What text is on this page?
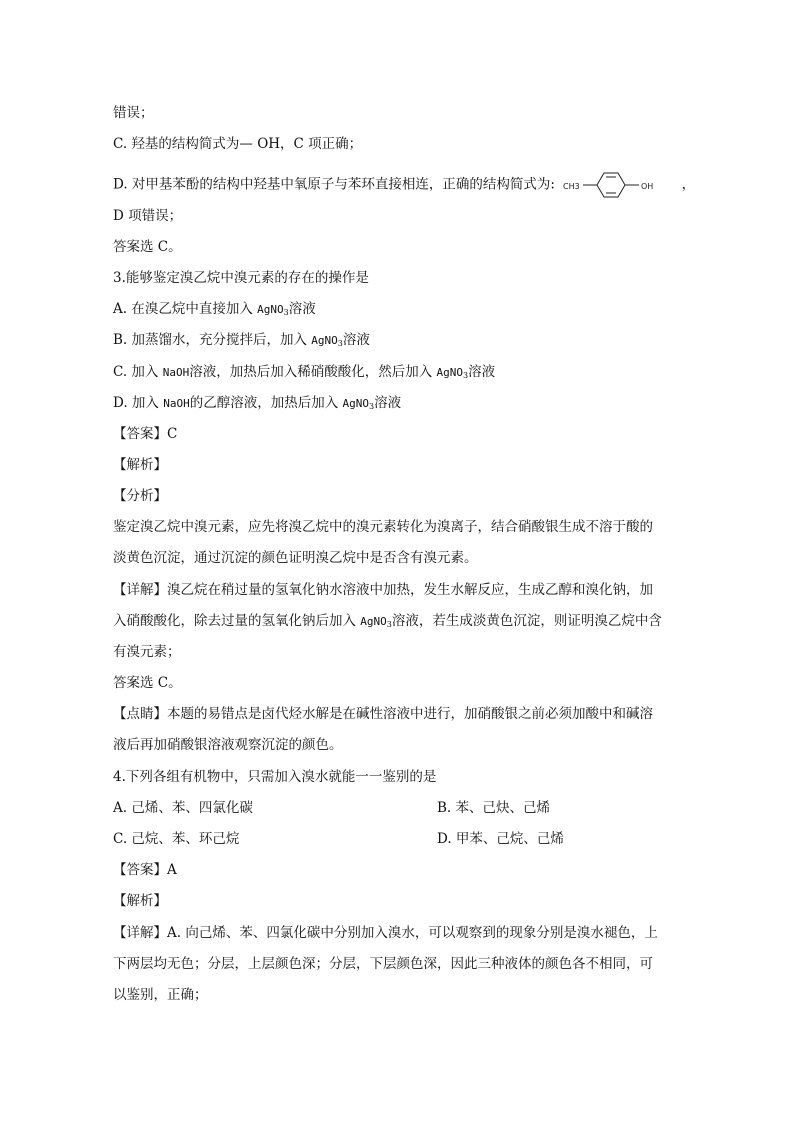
错误；
C. 羟基的结构简式为— OH，C 项正确；
D. 对甲基苯酚的结构中羟基中氧原子与苯环直接相连，正确的结构简式为: CH3	OH ，
D 项错误；
答案选 C。
3.能够鉴定溴乙烷中溴元素的存在的操作是
A. 在溴乙烷中直接加入 AgNO$_3$溶液
B. 加蒸馏水，充分搅拌后，加入 AgNO$_3$溶液
C. 加入 NaOH溶液，加热后加入稀硝酸酸化，然后加入 AgNO$_3$溶液
D. 加入 NaOH的乙醇溶液，加热后加入 AgNO$_3$溶液
【答案】C
【解析】
【分析】
鉴定溴乙烷中溴元素，应先将溴乙烷中的溴元素转化为溴离子，结合硝酸银生成不溶于酸的
淡黄色沉淀，通过沉淀的颜色证明溴乙烷中是否含有溴元素。
【详解】溴乙烷在稍过量的氢氧化钠水溶液中加热，发生水解反应，生成乙醇和溴化钠，加
入硝酸酸化，除去过量的氢氧化钠后加入 AgNO$_3$溶液，若生成淡黄色沉淀，则证明溴乙烷中含
有溴元素；
答案选 C。
【点睛】本题的易错点是卤代烃水解是在碱性溶液中进行，加硝酸银之前必须加酸中和碱溶
液后再加硝酸银溶液观察沉淀的颜色。
4.下列各组有机物中，只需加入溴水就能一一鉴别的是
A. 己烯、苯、四氯化碳	B. 苯、己炔、己烯
C. 己烷、苯、环己烷	D. 甲苯、己烷、己烯
【答案】A
【解析】
【详解】A. 向己烯、苯、四氯化碳中分别加入溴水，可以观察到的现象分别是溴水褪色，上
下两层均无色；分层，上层颜色深；分层，下层颜色深，因此三种液体的颜色各不相同，可
以鉴别，正确；
